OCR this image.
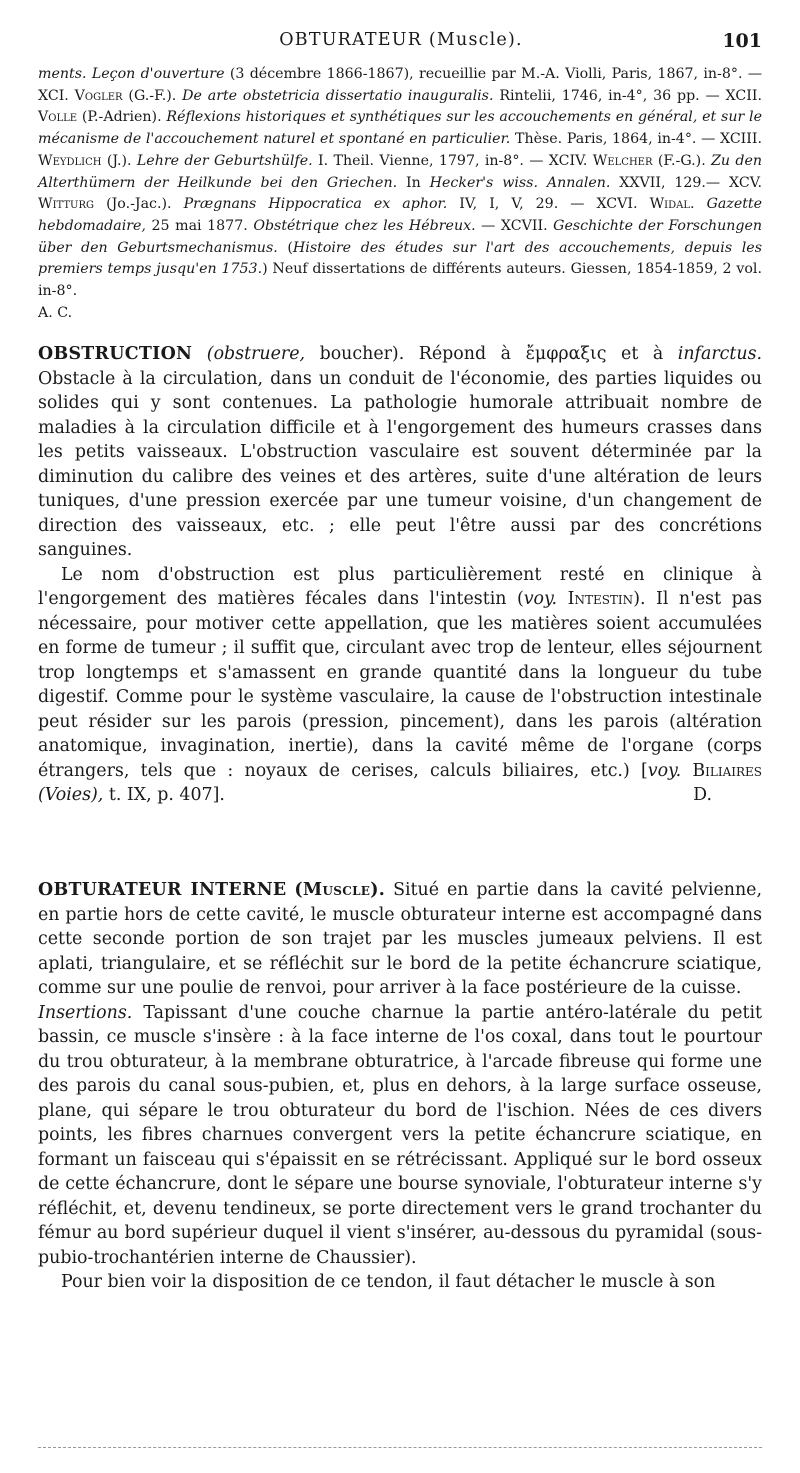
OBTURATEUR (Muscle).	101
ments. Leçon d'ouverture (3 décembre 1866-1867), recueillie par M.-A. Violli, Paris, 1867, in-8°. —XCI. Vogler (G.-F.). De arte obstetricia dissertatio inauguralis. Rintelii, 1746, in-4°, 36 pp. — XCII. Volle (P.-Adrien). Réflexions historiques et synthétiques sur les accouchements en général, et sur le mécanisme de l'accouchement naturel et spontané en particulier. Thèse. Paris, 1864, in-4°. — XCIII. Weydlich (J.). Lehre der Geburtshülfe. I. Theil. Vienne, 1797, in-8°. — XCIV. Welcher (F.-G.). Zu den Alterthümern der Heilkunde bei den Griechen. In Hecker's wiss. Annalen. XXVII, 129.— XCV. Witturg (Jo.-Jac.). Prægnans Hippocratica ex aphor. IV, I, V, 29. — XCVI. Widal. Gazette hebdomadaire, 25 mai 1877. Obstétrique chez les Hébreux. — XCVII. Geschichte der Forschungen über den Geburtsmechanismus. (Histoire des études sur l'art des accouchements, depuis les premiers temps jusqu'en 1753.) Neuf dissertations de différents auteurs. Giessen, 1854-1859, 2 vol. in-8°.
A. C.

OBSTRUCTION (obstruere, boucher). Répond à ἔμφραξις et à infarctus. Obstacle à la circulation, dans un conduit de l'économie, des parties liquides ou solides qui y sont contenues. La pathologie humorale attribuait nombre de maladies à la circulation difficile et à l'engorgement des humeurs crasses dans les petits vaisseaux. L'obstruction vasculaire est souvent déterminée par la diminution du calibre des veines et des artères, suite d'une altération de leurs tuniques, d'une pression exercée par une tumeur voisine, d'un changement de direction des vaisseaux, etc. ; elle peut l'être aussi par des concrétions sanguines.

Le nom d'obstruction est plus particulièrement resté en clinique à l'engorgement des matières fécales dans l'intestin (voy. Intestin). Il n'est pas nécessaire, pour motiver cette appellation, que les matières soient accumulées en forme de tumeur ; il suffit que, circulant avec trop de lenteur, elles séjournent trop longtemps et s'amassent en grande quantité dans la longueur du tube digestif. Comme pour le système vasculaire, la cause de l'obstruction intestinale peut résider sur les parois (pression, pincement), dans les parois (altération anatomique, invagination, inertie), dans la cavité même de l'organe (corps étrangers, tels que : noyaux de cerises, calculs biliaires, etc.) [voy. Biliaires (Voies), t. IX, p. 407].	D.

OBTURATEUR INTERNE (Muscle). Situé en partie dans la cavité pelvienne, en partie hors de cette cavité, le muscle obturateur interne est accompagné dans cette seconde portion de son trajet par les muscles jumeaux pelviens. Il est aplati, triangulaire, et se réfléchit sur le bord de la petite échancrure sciatique, comme sur une poulie de renvoi, pour arriver à la face postérieure de la cuisse.

Insertions. Tapissant d'une couche charnue la partie antéro-latérale du petit bassin, ce muscle s'insère : à la face interne de l'os coxal, dans tout le pourtour du trou obturateur, à la membrane obturatrice, à l'arcade fibreuse qui forme une des parois du canal sous-pubien, et, plus en dehors, à la large surface osseuse, plane, qui sépare le trou obturateur du bord de l'ischion. Nées de ces divers points, les fibres charnues convergent vers la petite échancrure sciatique, en formant un faisceau qui s'épaissit en se rétrécissant. Appliqué sur le bord osseux de cette échancrure, dont le sépare une bourse synoviale, l'obturateur interne s'y réfléchit, et, devenu tendineux, se porte directement vers le grand trochanter du fémur au bord supérieur duquel il vient s'insérer, au-dessous du pyramidal (sous-pubio-trochantérien interne de Chaussier).

Pour bien voir la disposition de ce tendon, il faut détacher le muscle à son
